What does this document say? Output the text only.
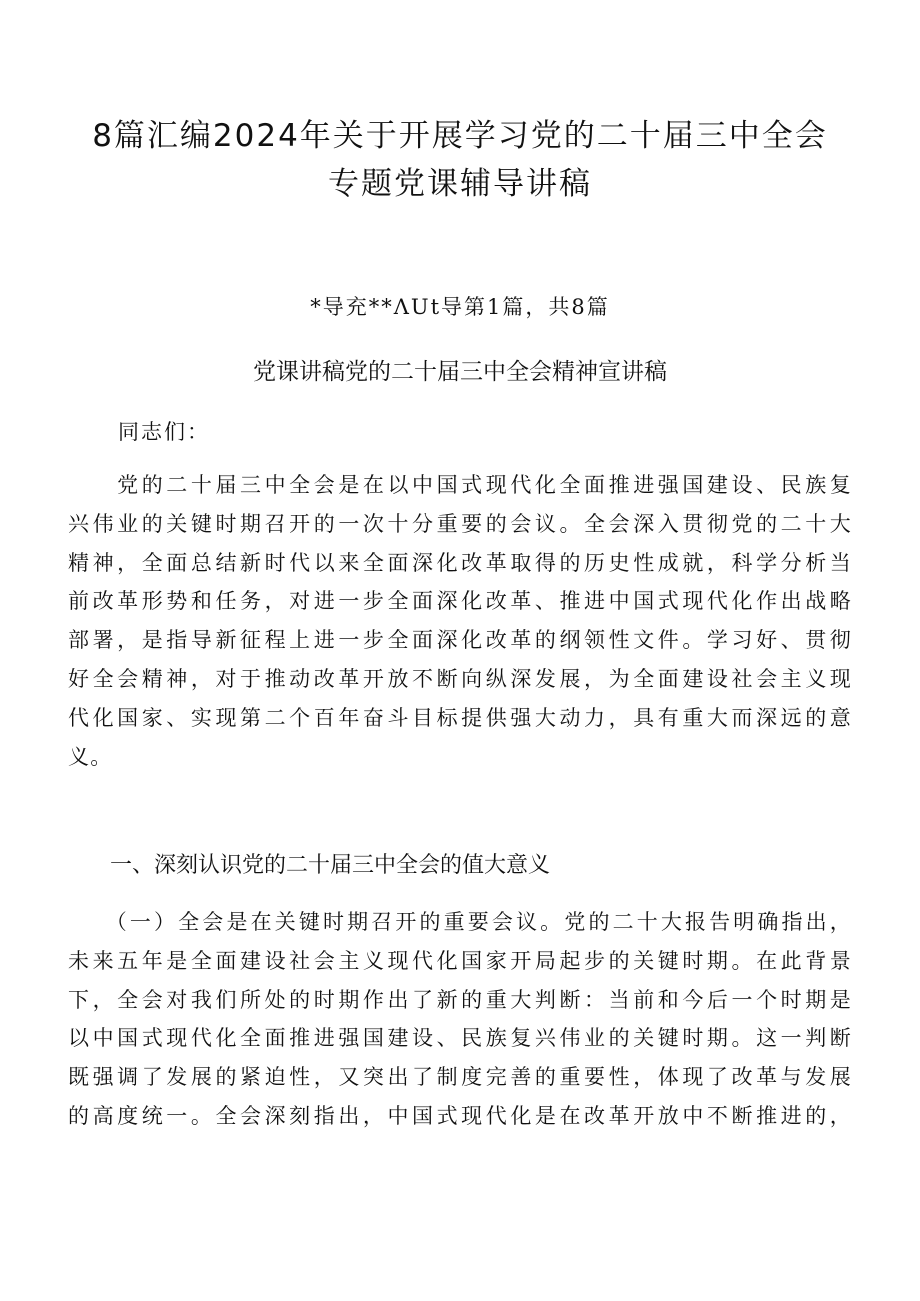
8篇汇编2024年关于开展学习党的二十届三中全会
专题党课辅导讲稿
*导充**ΛUt导第1篇，共8篇
党课讲稿党的二十届三中全会精神宣讲稿
同志们：
　　党的二十届三中全会是在以中国式现代化全面推进强国建设、民族复
兴伟业的关键时期召开的一次十分重要的会议。全会深入贯彻党的二十大
精神，全面总结新时代以来全面深化改革取得的历史性成就，科学分析当
前改革形势和任务，对进一步全面深化改革、推进中国式现代化作出战略
部署，是指导新征程上进一步全面深化改革的纲领性文件。学习好、贯彻
好全会精神，对于推动改革开放不断向纵深发展，为全面建设社会主义现
代化国家、实现第二个百年奋斗目标提供强大动力，具有重大而深远的意
义。
一、深刻认识党的二十届三中全会的值大意义
　　（一）全会是在关键时期召开的重要会议。党的二十大报告明确指出，
未来五年是全面建设社会主义现代化国家开局起步的关键时期。在此背景
下，全会对我们所处的时期作出了新的重大判断：当前和今后一个时期是
以中国式现代化全面推进强国建设、民族复兴伟业的关键时期。这一判断
既强调了发展的紧迫性，又突出了制度完善的重要性，体现了改革与发展
的高度统一。全会深刻指出，中国式现代化是在改革开放中不断推进的，
